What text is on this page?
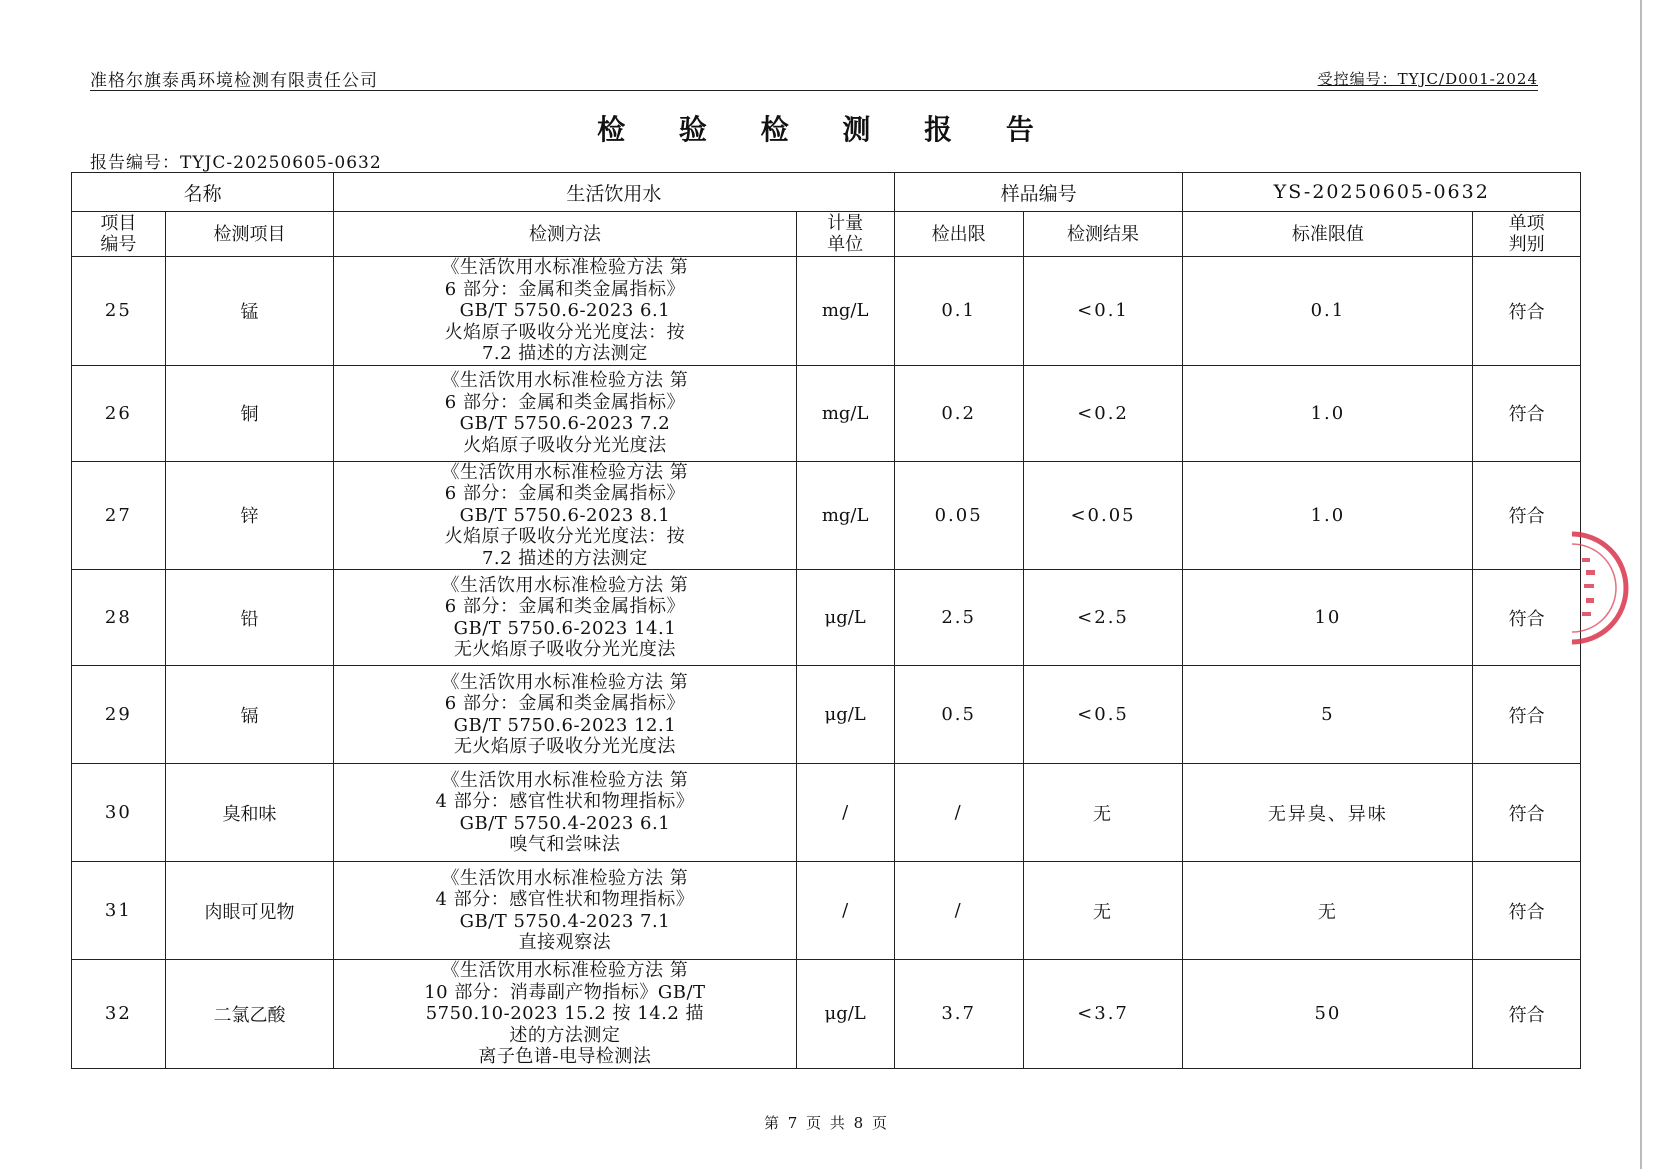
准格尔旗泰禹环境检测有限责任公司	受控编号：TYJC/D001-2024
检 验 检 测 报 告
报告编号：TYJC-20250605-0632
名称		生活饮用水		样品编号		YS-20250605-0632	

项目编号	检测项目	检测方法	计量单位	检出限	检测结果	标准限值	单项判别

25	锰	《生活饮用水标准检验方法 第
6 部分：金属和类金属指标》
GB/T 5750.6-2023 6.1
火焰原子吸收分光光度法：按
7.2 描述的方法测定	mg/L	0.1	<0.1	0.1	符合
26	铜	《生活饮用水标准检验方法 第
6 部分：金属和类金属指标》
GB/T 5750.6-2023 7.2
火焰原子吸收分光光度法	mg/L	0.2	<0.2	1.0	符合
27	锌	《生活饮用水标准检验方法 第
6 部分：金属和类金属指标》
GB/T 5750.6-2023 8.1
火焰原子吸收分光光度法：按
7.2 描述的方法测定	mg/L	0.05	<0.05	1.0	符合
28	铅	《生活饮用水标准检验方法 第
6 部分：金属和类金属指标》
GB/T 5750.6-2023 14.1
无火焰原子吸收分光光度法	μg/L	2.5	<2.5	10	符合
29	镉	《生活饮用水标准检验方法 第
6 部分：金属和类金属指标》
GB/T 5750.6-2023 12.1
无火焰原子吸收分光光度法	μg/L	0.5	<0.5	5	符合
30	臭和味	《生活饮用水标准检验方法 第
4 部分：感官性状和物理指标》
GB/T 5750.4-2023 6.1
嗅气和尝味法	/	/	无	无异臭、异味	符合
31	肉眼可见物	《生活饮用水标准检验方法 第
4 部分：感官性状和物理指标》
GB/T 5750.4-2023 7.1
直接观察法	/	/	无	无	符合
32	二氯乙酸	《生活饮用水标准检验方法 第
10 部分：消毒副产物指标》GB/T
5750.10-2023 15.2 按 14.2 描
述的方法测定
离子色谱-电导检测法	μg/L	3.7	<3.7	50	符合
第 7 页 共 8 页
